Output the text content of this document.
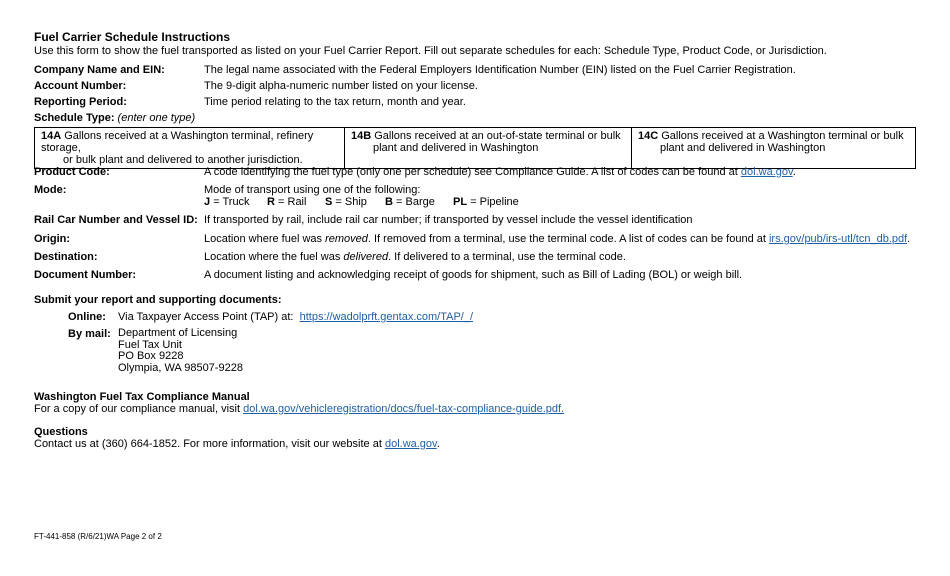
Fuel Carrier Schedule Instructions
Use this form to show the fuel transported as listed on your Fuel Carrier Report. Fill out separate schedules for each: Schedule Type, Product Code, or Jurisdiction.
Company Name and EIN:	The legal name associated with the Federal Employers Identification Number (EIN) listed on the Fuel Carrier Registration.
Account Number:	The 9-digit alpha-numeric number listed on your license.
Reporting Period:	Time period relating to the tax return, month and year.
Schedule Type: (enter one type)
14A Gallons received at a Washington terminal, refinery storage,
or bulk plant and delivered to another jurisdiction.
	14B Gallons received at an out-of-state terminal or bulk
plant and delivered in Washington
	14C Gallons received at a Washington terminal or bulk
plant and delivered in Washington
Product Code:	A code identifying the fuel type (only one per schedule) see Compliance Guide. A list of codes can be found at dol.wa.gov.
Mode:	Mode of transport using one of the following:
J = Truck R = Rail S = Ship B = Barge PL = Pipeline
Rail Car Number and Vessel ID: If transported by rail, include rail car number; if transported by vessel include the vessel identification
Origin:	Location where fuel was removed. If removed from a terminal, use the terminal code. A list of codes can be found at irs.gov/pub/irs-utl/tcn_db.pdf.
Destination:	Location where the fuel was delivered. If delivered to a terminal, use the terminal code.
Document Number:	A document listing and acknowledging receipt of goods for shipment, such as Bill of Lading (BOL) or weigh bill.
Submit your report and supporting documents:
Online: Via Taxpayer Access Point (TAP) at: https://wadolprft.gentax.com/TAP/_/
By mail: Department of Licensing
Fuel Tax Unit
PO Box 9228
Olympia, WA 98507-9228
Washington Fuel Tax Compliance Manual
For a copy of our compliance manual, visit dol.wa.gov/vehicleregistration/docs/fuel-tax-compliance-guide.pdf.
Questions
Contact us at (360) 664-1852. For more information, visit our website at dol.wa.gov.
FT-441-858 (R/6/21)WA Page 2 of 2
